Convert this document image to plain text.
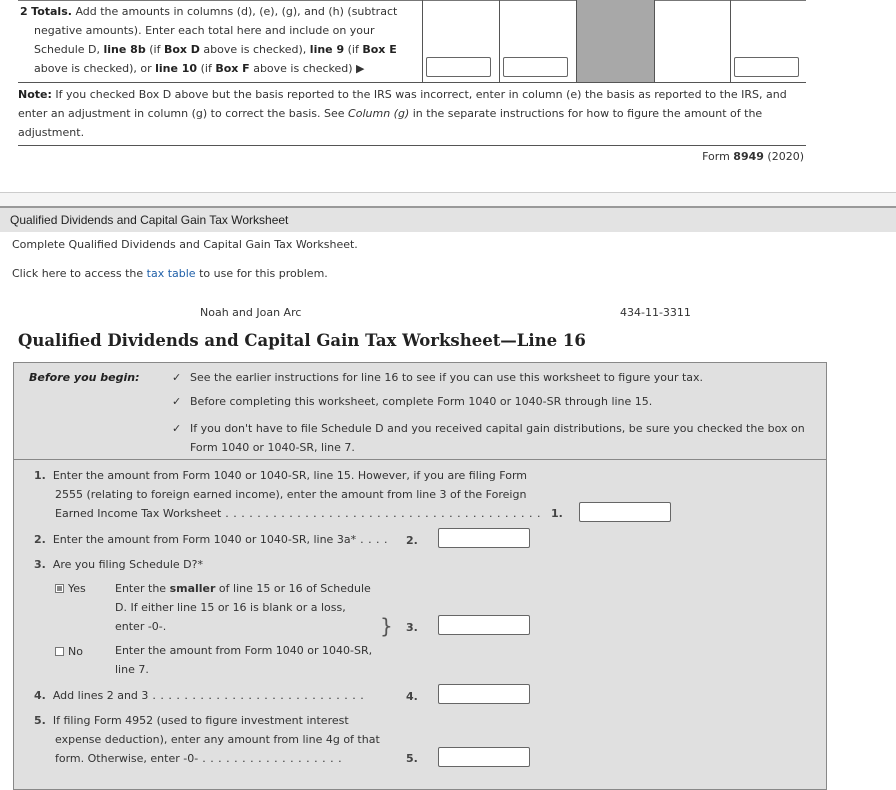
2 Totals. Add the amounts in columns (d), (e), (g), and (h) (subtract
negative amounts). Enter each total here and include on your
Schedule D, line 8b (if Box D above is checked), line 9 (if Box E
above is checked), or line 10 (if Box F above is checked) ▶
Note: If you checked Box D above but the basis reported to the IRS was incorrect, enter in column (e) the basis as reported to the IRS, and
enter an adjustment in column (g) to correct the basis. See Column (g) in the separate instructions for how to figure the amount of the
adjustment.
Form 8949 (2020)
Qualified Dividends and Capital Gain Tax Worksheet
Complete Qualified Dividends and Capital Gain Tax Worksheet.
Click here to access the tax table to use for this problem.
Noah and Joan Arc	434-11-3311
Qualified Dividends and Capital Gain Tax Worksheet—Line 16
Before you begin:	✓ See the earlier instructions for line 16 to see if you can use this worksheet to figure your tax.
✓ Before completing this worksheet, complete Form 1040 or 1040-SR through line 15.
✓ If you don't have to file Schedule D and you received capital gain distributions, be sure you checked the box on
Form 1040 or 1040-SR, line 7.
1. Enter the amount from Form 1040 or 1040-SR, line 15. However, if you are filing Form
2555 (relating to foreign earned income), enter the amount from line 3 of the Foreign
Earned Income Tax Worksheet . . . . . . . . . . . . . . . . . . . . . . . . . . . . . . . . . . . . . . . . 1.
2. Enter the amount from Form 1040 or 1040-SR, line 3a* . . . . 2.
3. Are you filing Schedule D?*
Yes	Enter the smaller of line 15 or 16 of Schedule
D. If either line 15 or 16 is blank or a loss,
enter -0-.	} 3.
No	Enter the amount from Form 1040 or 1040-SR,
line 7.
4. Add lines 2 and 3 . . . . . . . . . . . . . . . . . . . . . . . . . . .	4.
5. If filing Form 4952 (used to figure investment interest
expense deduction), enter any amount from line 4g of that
form. Otherwise, enter -0- . . . . . . . . . . . . . . . . . .	5.
